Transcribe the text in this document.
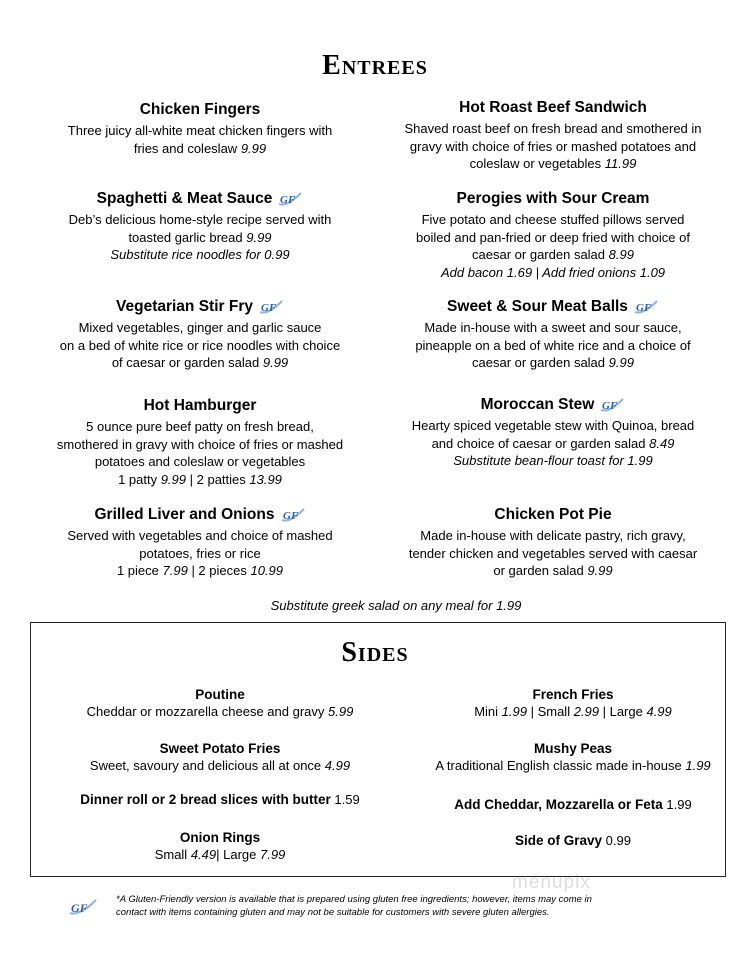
Entrees
Chicken Fingers
Three juicy all-white meat chicken fingers with
fries and coleslaw 9.99
Spaghetti & Meat Sauce GF
Deb’s delicious home-style recipe served with
toasted garlic bread 9.99
Substitute rice noodles for 0.99
Vegetarian Stir Fry GF
Mixed vegetables, ginger and garlic sauce
on a bed of white rice or rice noodles with choice
of caesar or garden salad 9.99
Hot Hamburger
5 ounce pure beef patty on fresh bread,
smothered in gravy with choice of fries or mashed
potatoes and coleslaw or vegetables
1 patty 9.99 | 2 patties 13.99
Grilled Liver and Onions GF
Served with vegetables and choice of mashed
potatoes, fries or rice
1 piece 7.99 | 2 pieces 10.99
Hot Roast Beef Sandwich
Shaved roast beef on fresh bread and smothered in
gravy with choice of fries or mashed potatoes and
coleslaw or vegetables 11.99
Perogies with Sour Cream
Five potato and cheese stuffed pillows served
boiled and pan-fried or deep fried with choice of
caesar or garden salad 8.99
Add bacon 1.69 | Add fried onions 1.09
Sweet & Sour Meat Balls GF
Made in-house with a sweet and sour sauce,
pineapple on a bed of white rice and a choice of
caesar or garden salad 9.99
Moroccan Stew GF
Hearty spiced vegetable stew with Quinoa, bread
and choice of caesar or garden salad 8.49
Substitute bean-flour toast for 1.99
Chicken Pot Pie
Made in-house with delicate pastry, rich gravy,
tender chicken and vegetables served with caesar
or garden salad 9.99
Substitute greek salad on any meal for 1.99
Sides
Poutine
Cheddar or mozzarella cheese and gravy 5.99
Sweet Potato Fries
Sweet, savoury and delicious all at once 4.99
Dinner roll or 2 bread slices with butter 1.59
Onion Rings
Small 4.49| Large 7.99
French Fries
Mini 1.99 | Small 2.99 | Large 4.99
Mushy Peas
A traditional English classic made in-house 1.99
Add Cheddar, Mozzarella or Feta 1.99
Side of Gravy 0.99
menupix
GF
*A Gluten-Friendly version is available that is prepared using gluten free ingredients; however, items may come in
contact with items containing gluten and may not be suitable for customers with severe gluten allergies.
